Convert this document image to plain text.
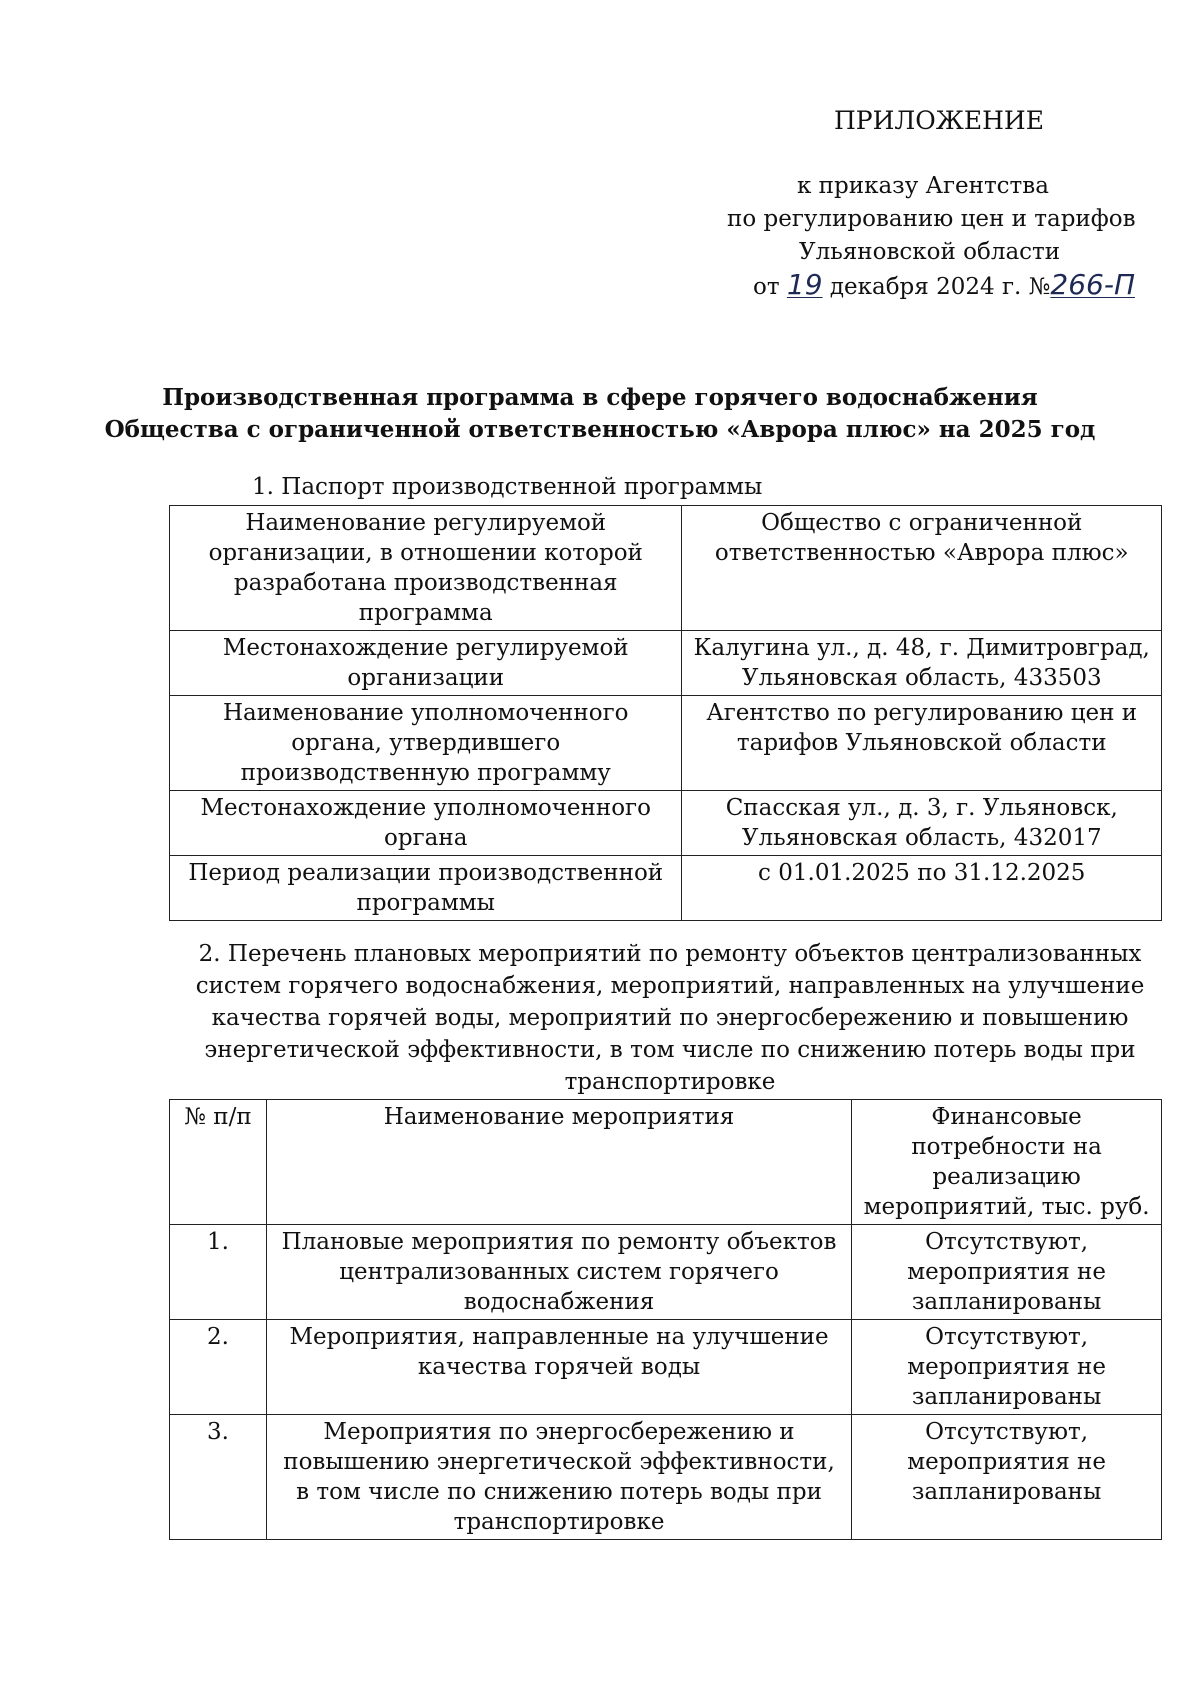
ПРИЛОЖЕНИЕ
к приказу Агентства
по регулированию цен и тарифов
Ульяновской области
от 19 декабря 2024 г. №266-П
Производственная программа в сфере горячего водоснабжения
Общества с ограниченной ответственностью «Аврора плюс» на 2025 год
1. Паспорт производственной программы
Наименование регулируемой организации, в отношении которой разработана производственная программа	Общество с ограниченной ответственностью «Аврора плюс»
Местонахождение регулируемой организации	Калугина ул., д. 48, г. Димитровград, Ульяновская область, 433503
Наименование уполномоченного органа, утвердившего производственную программу	Агентство по регулированию цен и тарифов Ульяновской области
Местонахождение уполномоченного органа	Спасская ул., д. 3, г. Ульяновск, Ульяновская область, 432017
Период реализации производственной программы	с 01.01.2025 по 31.12.2025
2. Перечень плановых мероприятий по ремонту объектов централизованных систем горячего водоснабжения, мероприятий, направленных на улучшение качества горячей воды, мероприятий по энергосбережению и повышению энергетической эффективности, в том числе по снижению потерь воды при транспортировке
№ п/п	Наименование мероприятия	Финансовые потребности на реализацию мероприятий, тыс. руб.
1.	Плановые мероприятия по ремонту объектов централизованных систем горячего водоснабжения	Отсутствуют, мероприятия не запланированы
2.	Мероприятия, направленные на улучшение качества горячей воды	Отсутствуют, мероприятия не запланированы
3.	Мероприятия по энергосбережению и повышению энергетической эффективности, в том числе по снижению потерь воды при транспортировке	Отсутствуют, мероприятия не запланированы
